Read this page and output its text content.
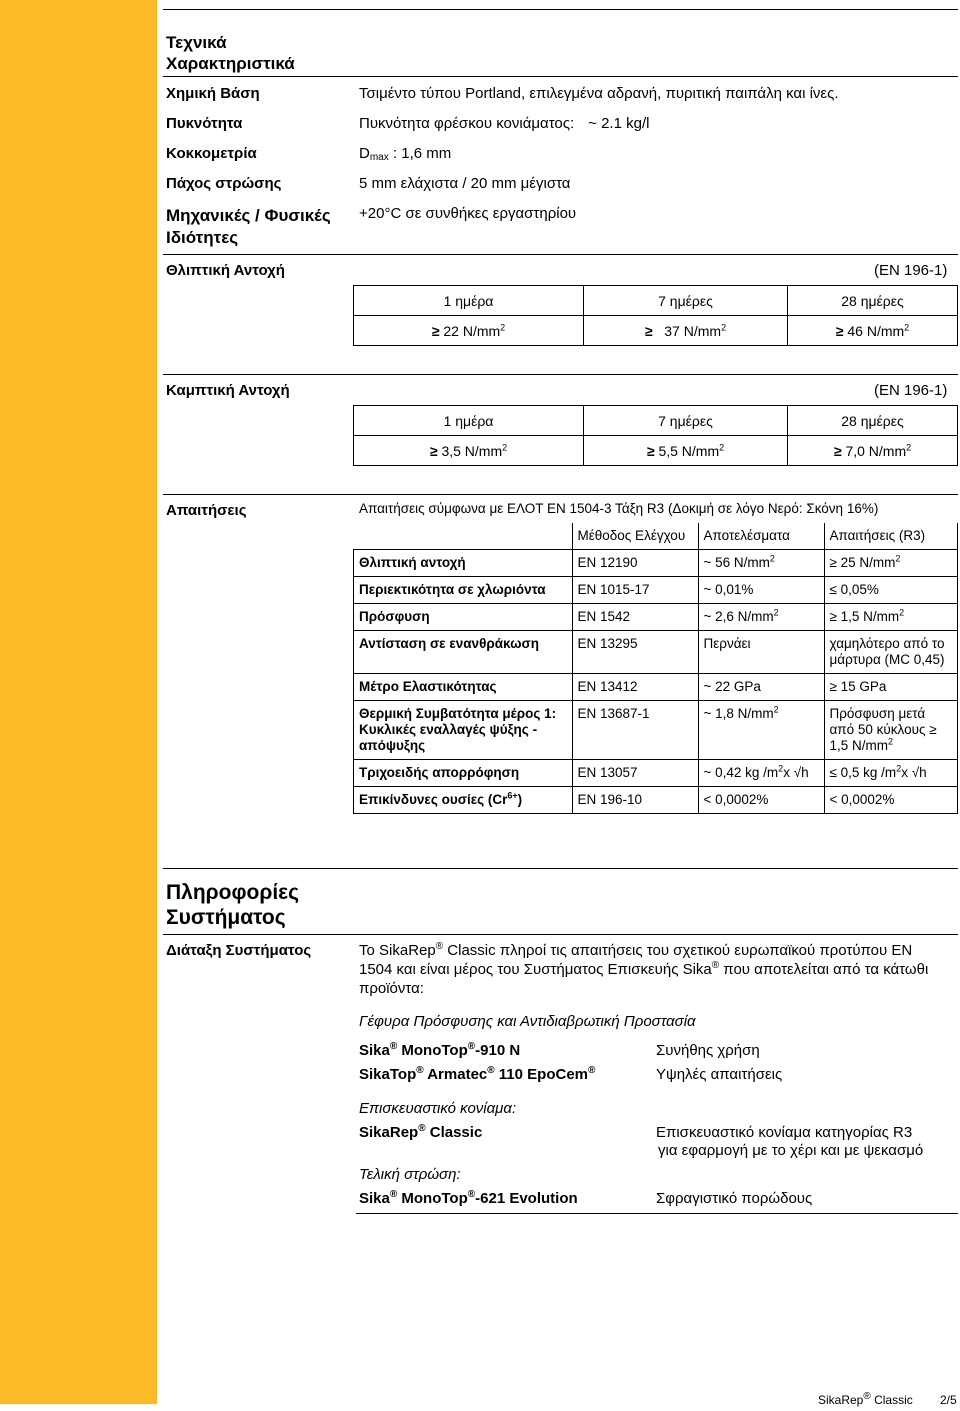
Τεχνικά Χαρακτηριστικά
Χημική Βάση	Τσιμέντο τύπου Portland, επιλεγμένα αδρανή, πυριτική παιπάλη και ίνες.
Πυκνότητα	Πυκνότητα φρέσκου κονιάματος: ~ 2.1 kg/l
Κοκκομετρία	$D_{max}$ : 1,6 mm
Πάχος στρώσης	5 mm ελάχιστα / 20 mm μέγιστα
Μηχανικές / Φυσικές Ιδιότητες
+20°C σε συνθήκες εργαστηρίου
Θλιπτική Αντοχή	(EN 196-1)
1 ημέρα	7 ημέρες	28 ημέρες
≥ 22 $N/mm^2$	≥ 37 $N/mm^2$	≥ 46 $N/mm^2$
Καμπτική Αντοχή	(EN 196-1)
1 ημέρα	7 ημέρες	28 ημέρες
≥ 3,5 $N/mm^2$	≥ 5,5 $N/mm^2$	≥ 7,0 $N/mm^2$
Απαιτήσεις	Απαιτήσεις σύμφωνα με ΕΛΟΤ ΕΝ 1504-3 Τάξη R3 (Δοκιμή σε λόγο Νερό: Σκόνη 16%)
	Μέθοδος Ελέγχου	Αποτελέσματα	Απαιτήσεις (R3)
Θλιπτική αντοχή	EN 12190	~ 56 $N/mm^2$	≥ 25 $N/mm^2$
Περιεκτικότητα σε χλωριόντα	EN 1015-17	~ 0,01%	≤ 0,05%
Πρόσφυση	EN 1542	~ 2,6 $N/mm^2$	≥ 1,5 $N/mm^2$
Αντίσταση σε ενανθράκωση	EN 13295	Περνάει	χαμηλότερο από το μάρτυρα (MC 0,45)
Μέτρο Ελαστικότητας	EN 13412	~ 22 GPa	≥ 15 GPa
Θερμική Συμβατότητα μέρος 1: Κυκλικές εναλλαγές ψύξης - απόψυξης	EN 13687-1	~ 1,8 $N/mm^2$	Πρόσφυση μετά από 50 κύκλους ≥ 1,5 $N/mm^2$
Τριχοειδής απορρόφηση	EN 13057	~ 0,42 kg $/m^2x$ √h	≤ 0,5 kg $/m^2x$ √h
Επικίνδυνες ουσίες $(Cr^{6+})$	EN 196-10	< 0,0002%	< 0,0002%
Πληροφορίες Συστήματος
Διάταξη Συστήματος	Το SikaRep® Classic πληροί τις απαιτήσεις του σχετικού ευρωπαϊκού προτύπου EN 1504 και είναι μέρος του Συστήματος Επισκευής Sika® που αποτελείται από τα κάτωθι προϊόντα:
Γέφυρα Πρόσφυσης και Αντιδιαβρωτική Προστασία
Sika® MonoTop®-910 N	Συνήθης χρήση
SikaTop® Armatec® 110 EpoCem®	Υψηλές απαιτήσεις
Επισκευαστικό κονίαμα:
SikaRep® Classic	Επισκευαστικό κονίαμα κατηγορίας R3
για εφαρμογή με το χέρι και με ψεκασμό
Τελική στρώση:
Sika® MonoTop®-621 Evolution	Σφραγιστικό πορώδους
SikaRep® Classic 2/5
